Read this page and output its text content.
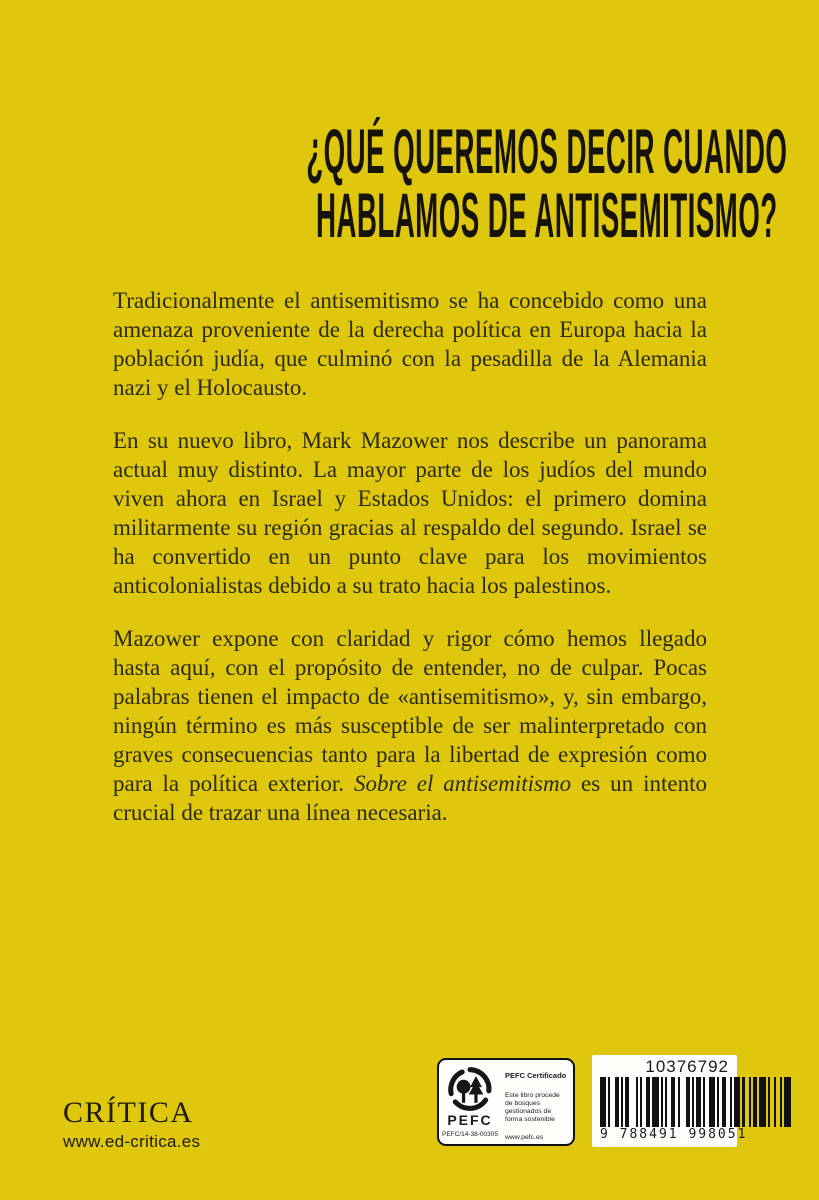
¿QUÉ QUEREMOS DECIR CUANDO
HABLAMOS DE ANTISEMITISMO?

Tradicionalmente el antisemitismo se ha concebido como una amenaza proveniente de la derecha política en Europa hacia la población judía, que culminó con la pesadilla de la Alemania nazi y el Holocausto.

En su nuevo libro, Mark Mazower nos describe un panorama actual muy distinto. La mayor parte de los judíos del mundo viven ahora en Israel y Estados Unidos: el primero domina militarmente su región gracias al respaldo del segundo. Israel se ha convertido en un punto clave para los movimientos anticolonialistas debido a su trato hacia los palestinos.

Mazower expone con claridad y rigor cómo hemos llegado hasta aquí, con el propósito de entender, no de culpar. Pocas palabras tienen el impacto de «antisemitismo», y, sin embargo, ningún término es más susceptible de ser malinterpretado con graves consecuencias tanto para la libertad de expresión como para la política exterior. Sobre el antisemitismo es un intento crucial de trazar una línea necesaria.

CRÍTICA
www.ed-critica.es
PEFC
PEFC/14-38-00305
PEFC Certificado
Este libro procede de bosques gestionados de forma sostenible
www.pefc.es
10376792
9 788491 998051
